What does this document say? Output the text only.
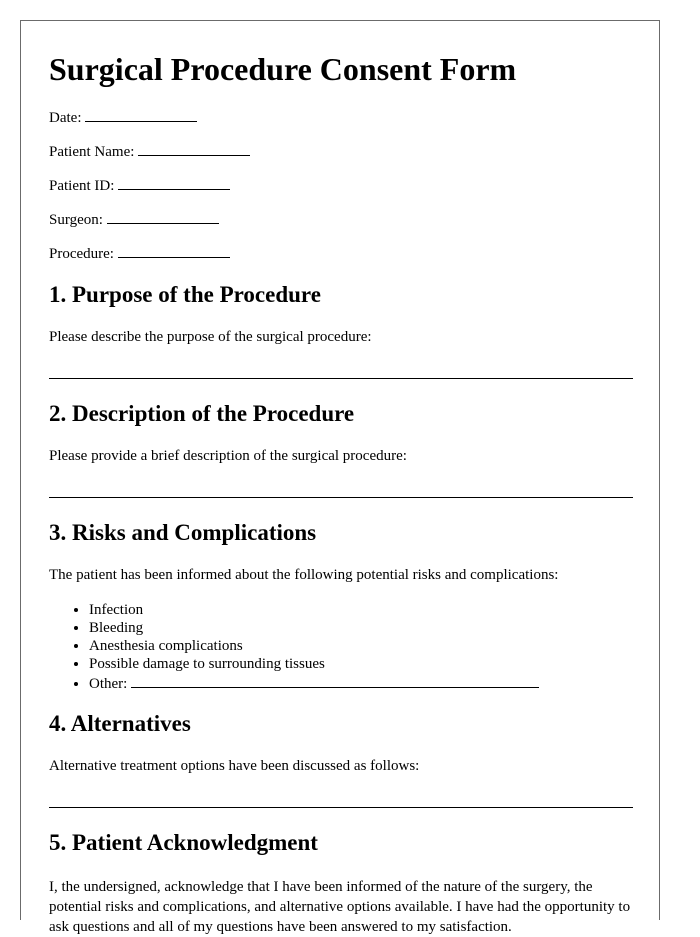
Surgical Procedure Consent Form
Date:
Patient Name:
Patient ID:
Surgeon:
Procedure:
1. Purpose of the Procedure

Please describe the purpose of the surgical procedure:

2. Description of the Procedure

Please provide a brief description of the surgical procedure:

3. Risks and Complications

The patient has been informed about the following potential risks and complications:

• Infection
• Bleeding
• Anesthesia complications
• Possible damage to surrounding tissues
• Other:
4. Alternatives

Alternative treatment options have been discussed as follows:

5. Patient Acknowledgment

I, the undersigned, acknowledge that I have been informed of the nature of the surgery, the potential risks and complications, and alternative options available. I have had the opportunity to ask questions and all of my questions have been answered to my satisfaction.
